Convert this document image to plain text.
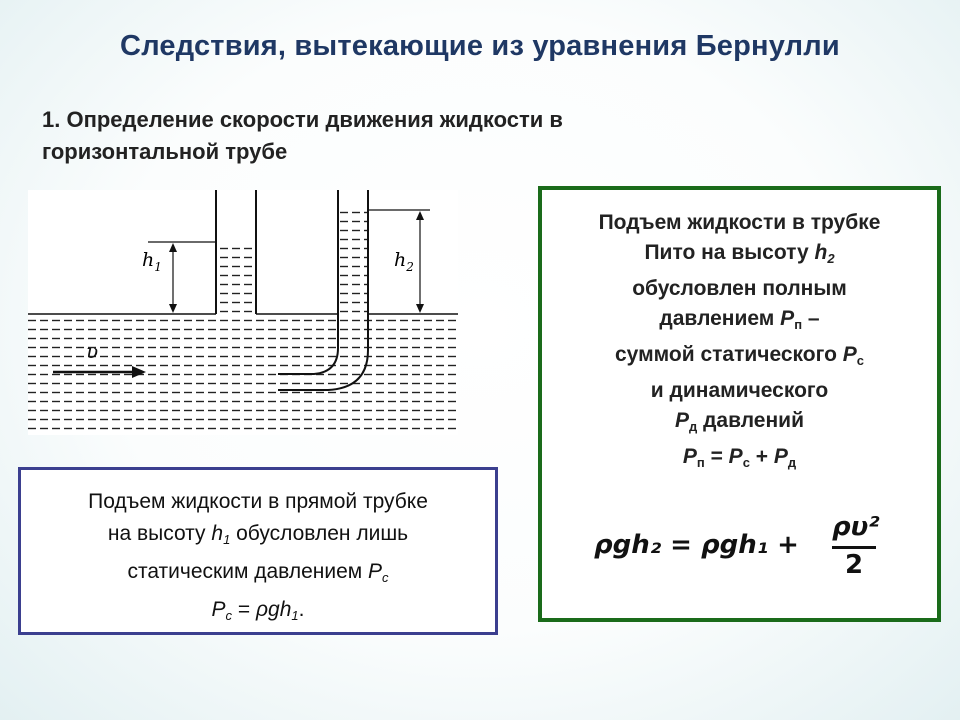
Следствия, вытекающие из уравнения Бернулли
1. Определение скорости движения жидкости в
горизонтальной трубе
$h_1$	$h_2$
υ
Подъем жидкости в прямой трубке
на высоту $h_1$ обусловлен лишь
статическим давлением $P_c$
$P_c = \rho gh_1$.
Подъем жидкости в трубке
Пито на высоту $h_2$
обусловлен полным
давлением Pп –
суммой статического Pс
и динамического
Pд давлений
Pп = Pс + Pд
ρgh₂ = ρgh₁ +
ρυ²
2
